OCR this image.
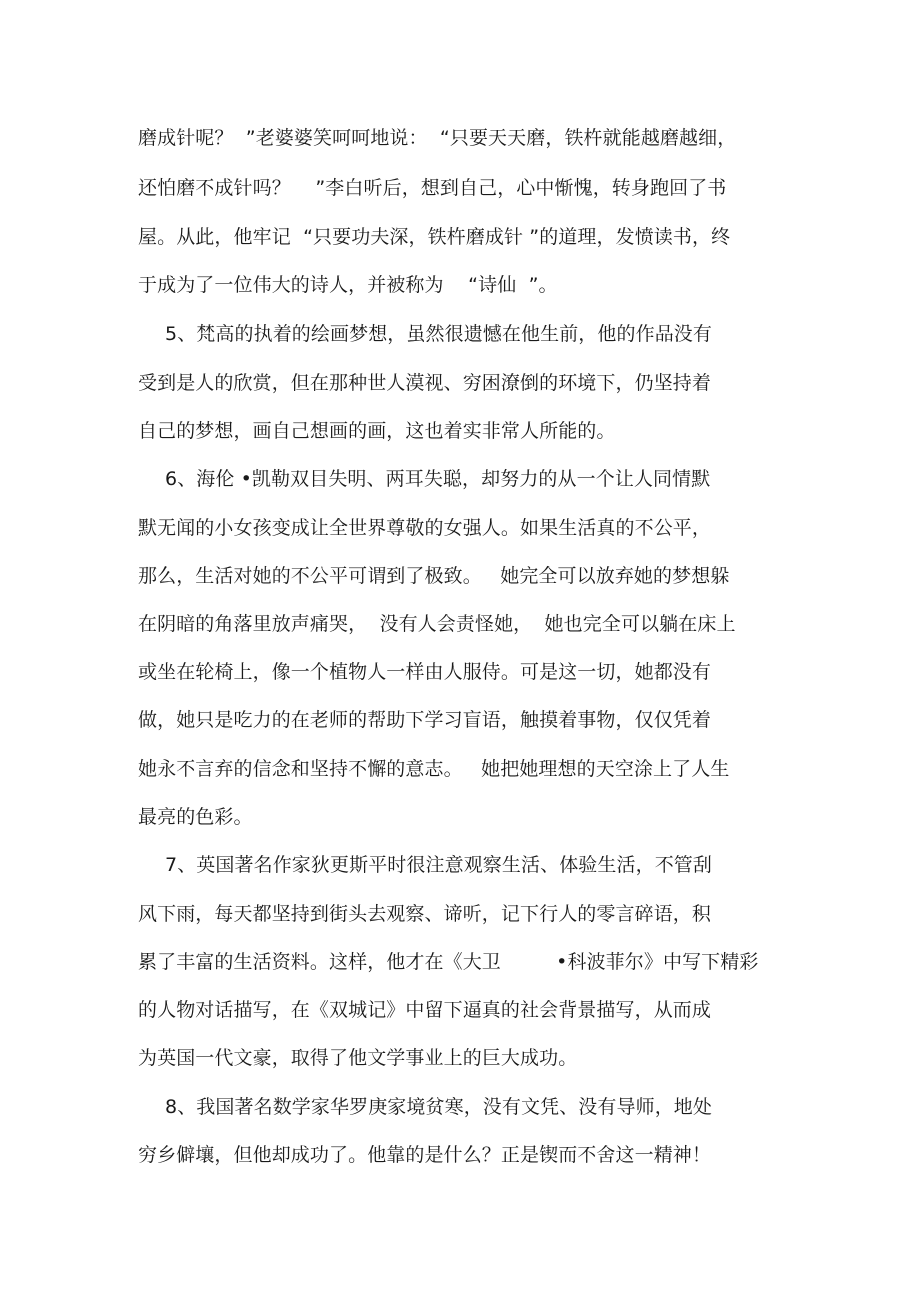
磨成针呢？  ”老婆婆笑呵呵地说：  “只要天天磨，铁杵就能越磨越细，
还怕磨不成针吗？    ”李白听后，想到自己，心中惭愧，转身跑回了书
屋。从此，他牢记  “只要功夫深，铁杵磨成针 ”的道理，发愤读书，终
于成为了一位伟大的诗人，并被称为    “诗仙  ”。
5、梵高的执着的绘画梦想，虽然很遗憾在他生前，他的作品没有
受到是人的欣赏，但在那种世人漠视、穷困潦倒的环境下，仍坚持着
自己的梦想，画自己想画的画，这也着实非常人所能的。
6、海伦 •凯勒双目失明、两耳失聪，却努力的从一个让人同情默
默无闻的小女孩变成让全世界尊敬的女强人。如果生活真的不公平，
那么，生活对她的不公平可谓到了极致。   她完全可以放弃她的梦想躲
在阴暗的角落里放声痛哭，  没有人会责怪她，  她也完全可以躺在床上
或坐在轮椅上，像一个植物人一样由人服侍。可是这一切，她都没有
做，她只是吃力的在老师的帮助下学习盲语，触摸着事物，仅仅凭着
她永不言弃的信念和坚持不懈的意志。   她把她理想的天空涂上了人生
最亮的色彩。
7、英国著名作家狄更斯平时很注意观察生活、体验生活，不管刮
风下雨，每天都坚持到街头去观察、谛听，记下行人的零言碎语，积
累了丰富的生活资料。这样，他才在《大卫         •科波菲尔》中写下精彩
的人物对话描写，在《双城记》中留下逼真的社会背景描写，从而成
为英国一代文豪，取得了他文学事业上的巨大成功。
8、我国著名数学家华罗庚家境贫寒，没有文凭、没有导师，地处
穷乡僻壤，但他却成功了。他靠的是什么？正是锲而不舍这一精神！
